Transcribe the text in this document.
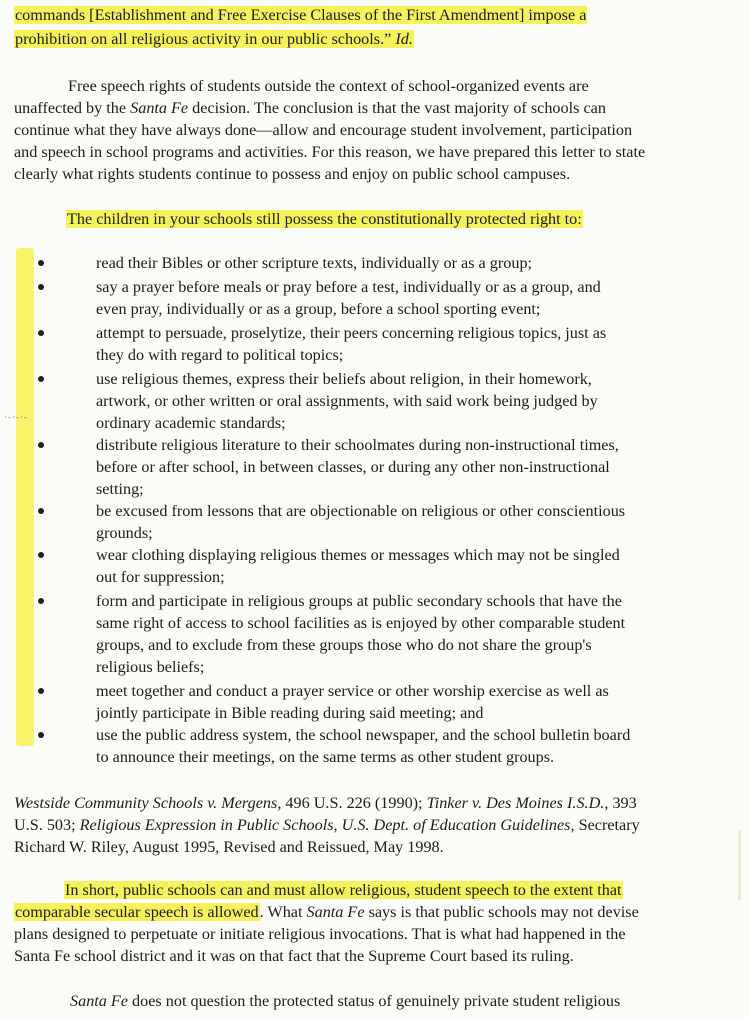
commands [Establishment and Free Exercise Clauses of the First Amendment] impose a
prohibition on all religious activity in our public schools.” Id.
Free speech rights of students outside the context of school-organized events are
unaffected by the Santa Fe decision. The conclusion is that the vast majority of schools can
continue what they have always done—allow and encourage student involvement, participation
and speech in school programs and activities. For this reason, we have prepared this letter to state
clearly what rights students continue to possess and enjoy on public school campuses.
The children in your schools still possess the constitutionally protected right to:
·-·-·-
read their Bibles or other scripture texts, individually or as a group;
say a prayer before meals or pray before a test, individually or as a group, and
even pray, individually or as a group, before a school sporting event;
attempt to persuade, proselytize, their peers concerning religious topics, just as
they do with regard to political topics;
use religious themes, express their beliefs about religion, in their homework,
artwork, or other written or oral assignments, with said work being judged by
ordinary academic standards;
distribute religious literature to their schoolmates during non-instructional times,
before or after school, in between classes, or during any other non-instructional
setting;
be excused from lessons that are objectionable on religious or other conscientious
grounds;
wear clothing displaying religious themes or messages which may not be singled
out for suppression;
form and participate in religious groups at public secondary schools that have the
same right of access to school facilities as is enjoyed by other comparable student
groups, and to exclude from these groups those who do not share the group's
religious beliefs;
meet together and conduct a prayer service or other worship exercise as well as
jointly participate in Bible reading during said meeting; and
use the public address system, the school newspaper, and the school bulletin board
to announce their meetings, on the same terms as other student groups.
Westside Community Schools v. Mergens, 496 U.S. 226 (1990); Tinker v. Des Moines I.S.D., 393
U.S. 503; Religious Expression in Public Schools, U.S. Dept. of Education Guidelines, Secretary
Richard W. Riley, August 1995, Revised and Reissued, May 1998.
In short, public schools can and must allow religious, student speech to the extent that
comparable secular speech is allowed. What Santa Fe says is that public schools may not devise
plans designed to perpetuate or initiate religious invocations. That is what had happened in the
Santa Fe school district and it was on that fact that the Supreme Court based its ruling.
Santa Fe does not question the protected status of genuinely private student religious
